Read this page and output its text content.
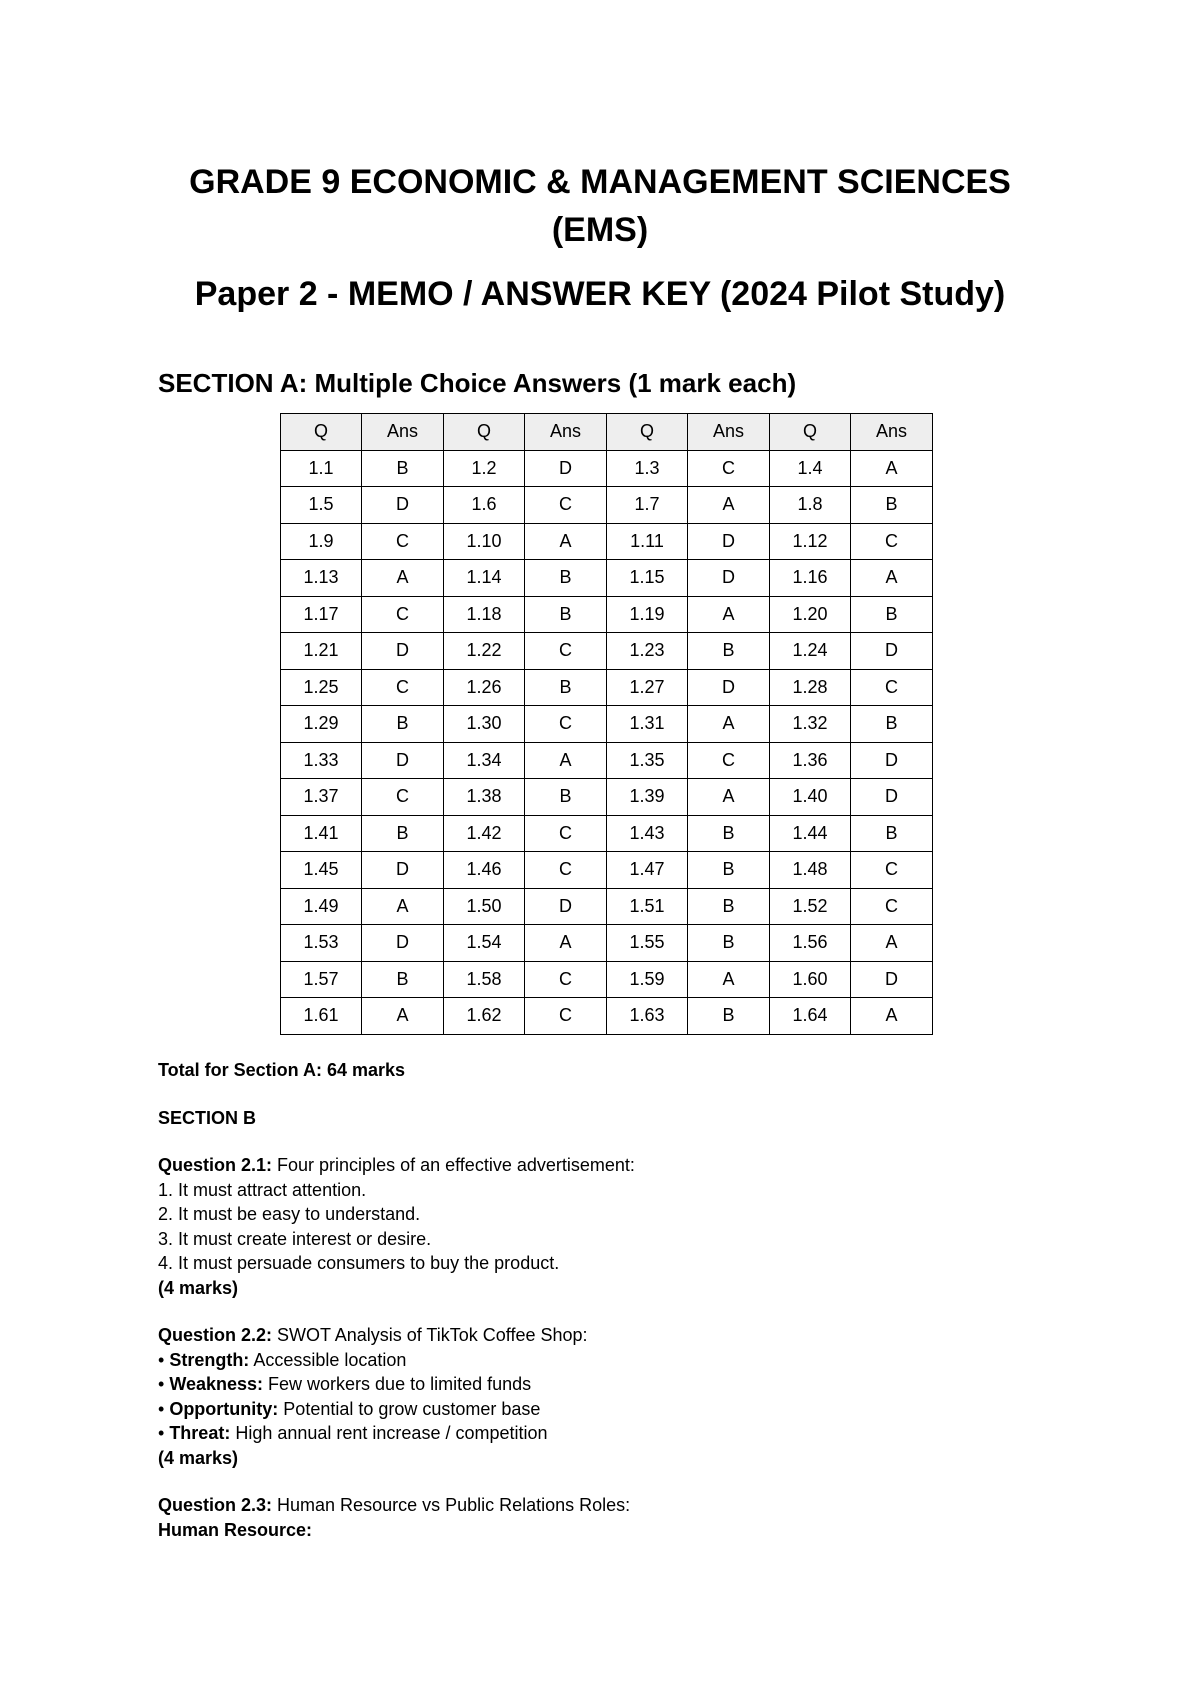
GRADE 9 ECONOMIC & MANAGEMENT SCIENCES (EMS)
Paper 2 - MEMO / ANSWER KEY (2024 Pilot Study)
SECTION A: Multiple Choice Answers (1 mark each)
Q	Ans	Q	Ans	Q	Ans	Q	Ans
1.1	B	1.2	D	1.3	C	1.4	A
1.5	D	1.6	C	1.7	A	1.8	B
1.9	C	1.10	A	1.11	D	1.12	C
1.13	A	1.14	B	1.15	D	1.16	A
1.17	C	1.18	B	1.19	A	1.20	B
1.21	D	1.22	C	1.23	B	1.24	D
1.25	C	1.26	B	1.27	D	1.28	C
1.29	B	1.30	C	1.31	A	1.32	B
1.33	D	1.34	A	1.35	C	1.36	D
1.37	C	1.38	B	1.39	A	1.40	D
1.41	B	1.42	C	1.43	B	1.44	B
1.45	D	1.46	C	1.47	B	1.48	C
1.49	A	1.50	D	1.51	B	1.52	C
1.53	D	1.54	A	1.55	B	1.56	A
1.57	B	1.58	C	1.59	A	1.60	D
1.61	A	1.62	C	1.63	B	1.64	A

Total for Section A: 64 marks

SECTION B

Question 2.1: Four principles of an effective advertisement:

1. It must attract attention.

2. It must be easy to understand.

3. It must create interest or desire.

4. It must persuade consumers to buy the product.

(4 marks)

Question 2.2: SWOT Analysis of TikTok Coffee Shop:

• Strength: Accessible location

• Weakness: Few workers due to limited funds

• Opportunity: Potential to grow customer base

• Threat: High annual rent increase / competition

(4 marks)

Question 2.3: Human Resource vs Public Relations Roles:

Human Resource:
